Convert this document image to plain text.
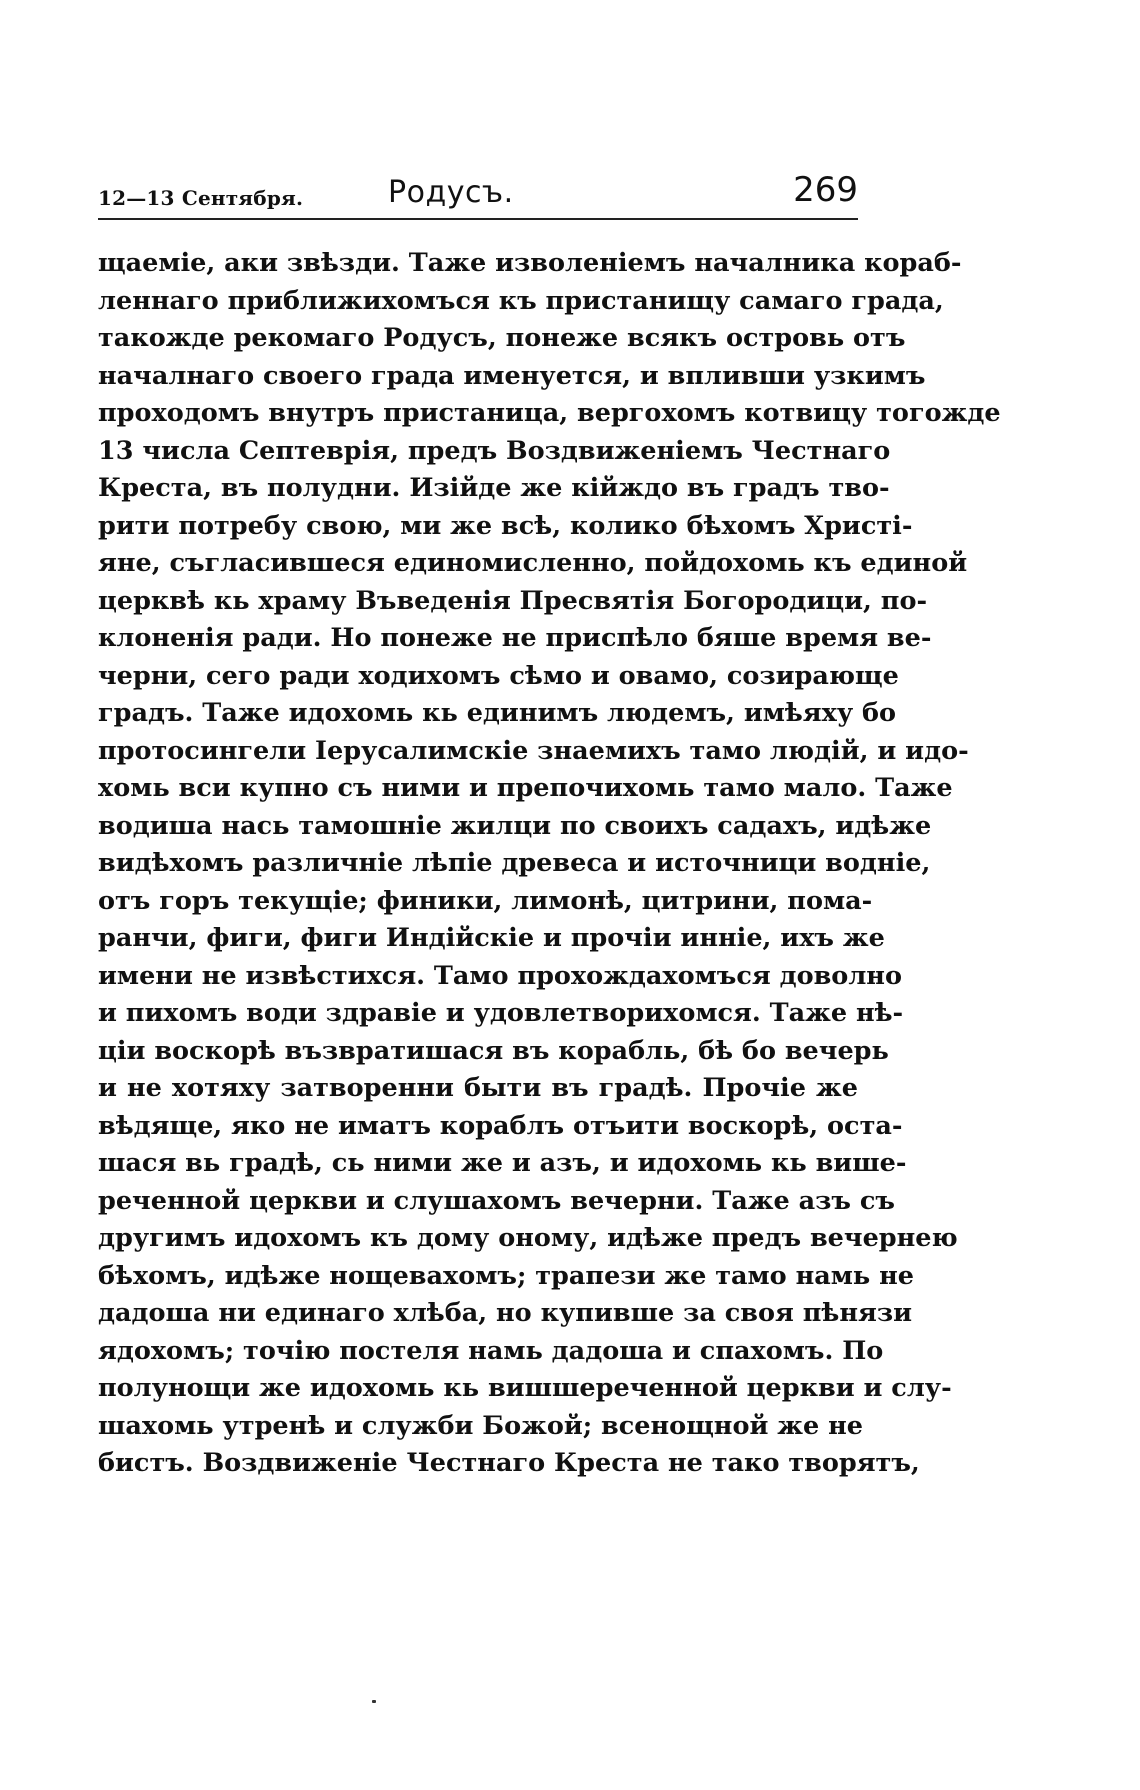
12—13 Сентября.	Родусъ.	269
щаеміе, аки звѣзди. Таже изволеніемъ началника кораб-
леннаго приближихомъся къ пристанищу самаго града,
такожде рекомаго Родусъ, понеже всякъ островь отъ
началнаго своего града именуется, и впливши узкимъ
проходомъ внутръ пристаница, вергохомъ котвицу тогожде
13 числа Септеврія, предъ Воздвиженіемъ Честнаго
Креста, въ полудни. Изійде же кійждо въ градъ тво-
рити потребу свою, ми же всѣ, колико бѣхомъ Христі-
яне, съгласившеся единомисленно, пойдохомь къ единой
церквѣ кь храму Въведенія Пресвятія Богородици, по-
клоненія ради. Но понеже не приспѣло бяше время ве-
черни, сего ради ходихомъ сѣмо и овамо, созирающе
градъ. Таже идохомь кь единимъ людемъ, имѣяху бо
протосингели Іерусалимскіе знаемихъ тамо людій, и идо-
хомь вси купно съ ними и препочихомь тамо мало. Таже
водиша нась тамошніе жилци по своихъ садахъ, идѣже
видѣхомъ различніе лѣпіе древеса и источници водніе,
отъ горъ текущіе; финики, лимонѣ, цитрини, пома-
ранчи, фиги, фиги Индійскіе и прочіи инніе, ихъ же
имени не извѣстихся. Тамо прохождахомъся доволно
и пихомъ води здравіе и удовлетворихомся. Таже нѣ-
ціи воскорѣ възвратишася въ корабль, бѣ бо вечерь
и не хотяху затворенни быти въ градѣ. Прочіе же
вѣдяще, яко не иматъ кораблъ отъити воскорѣ, оста-
шася вь градѣ, сь ними же и азъ, и идохомь кь више-
реченной церкви и слушахомъ вечерни. Таже азъ съ
другимъ идохомъ къ дому оному, идѣже предъ вечернею
бѣхомъ, идѣже нощевахомъ; трапези же тамо намь не
дадоша ни единаго хлѣба, но купивше за своя пѣнязи
ядохомъ; точію постеля намь дадоша и спахомъ. По
полунощи же идохомь кь вишшереченной церкви и слу-
шахомь утренѣ и служби Божой; всенощной же не
бистъ. Воздвиженіе Честнаго Креста не тако творятъ,
